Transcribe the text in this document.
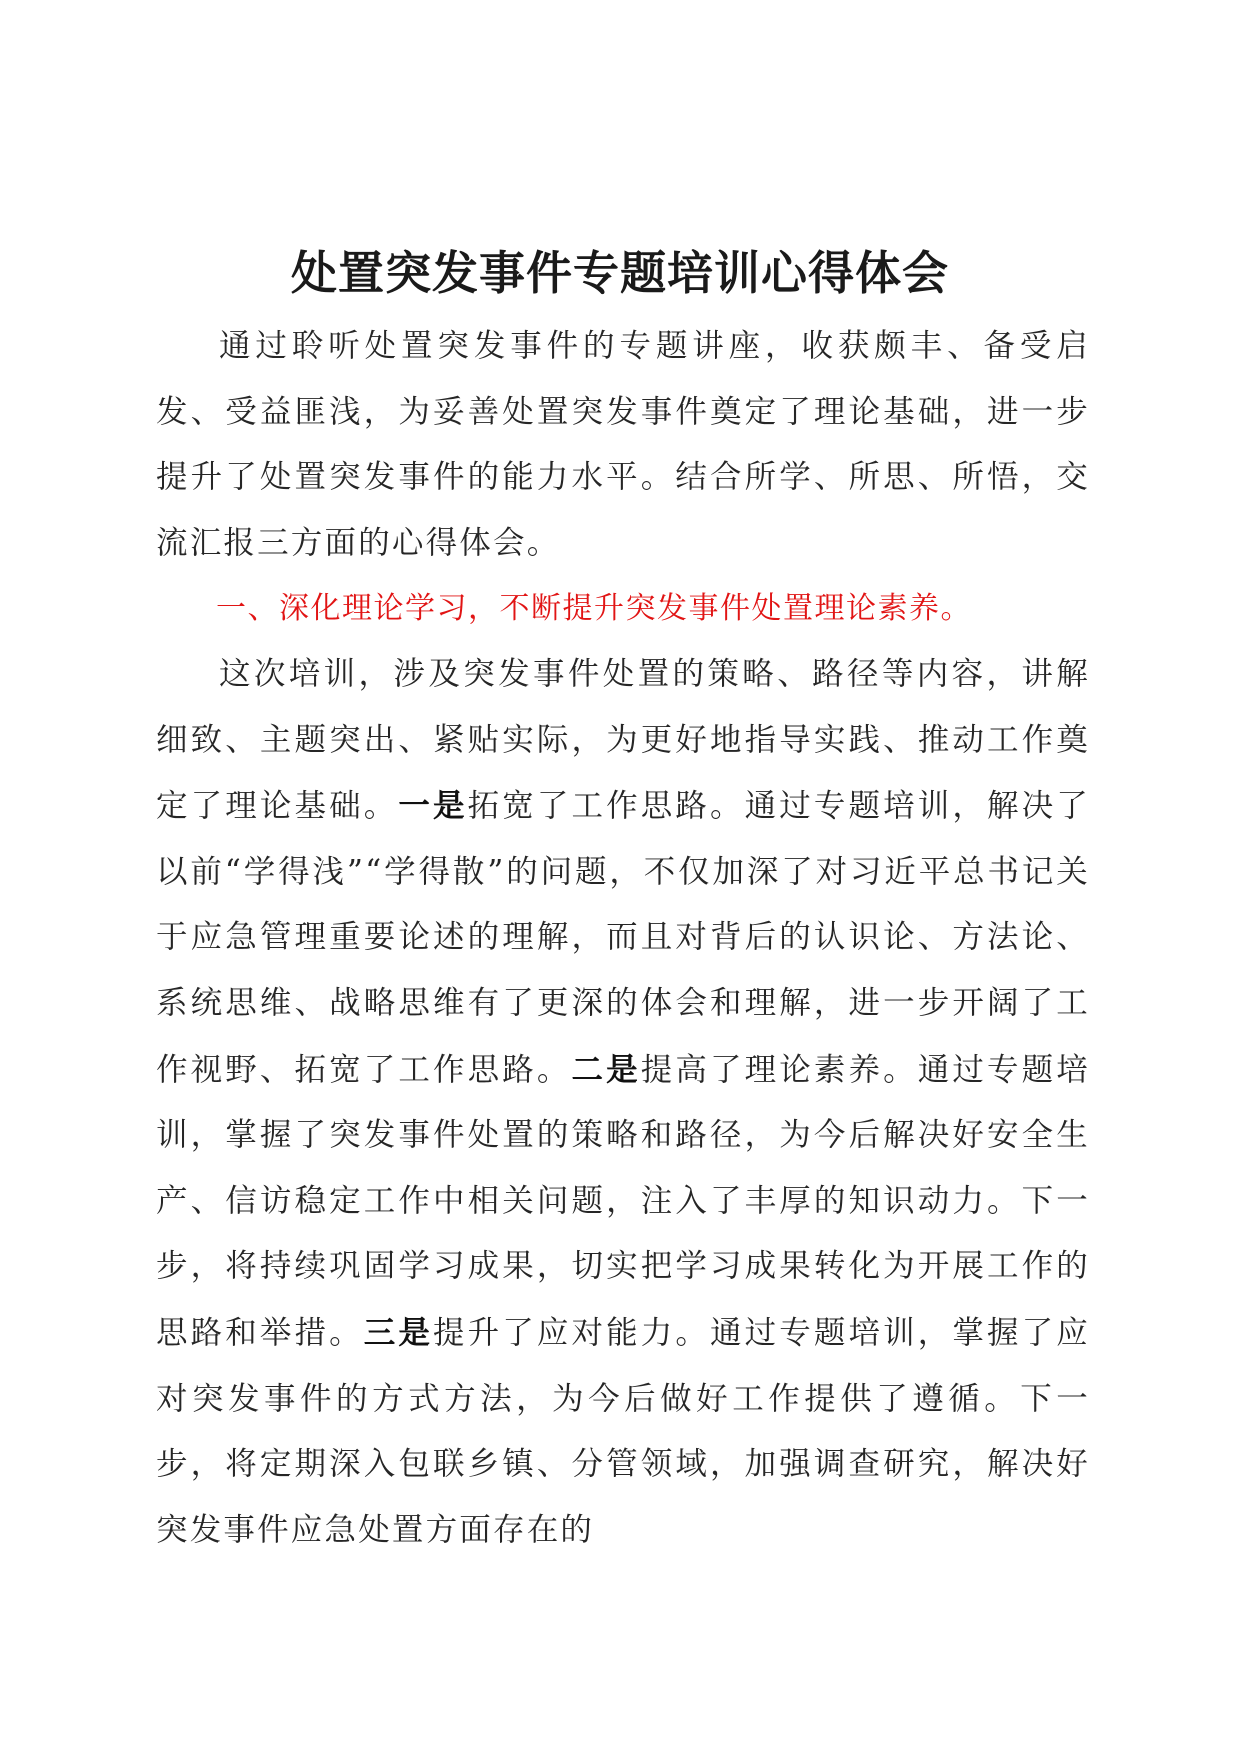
处置突发事件专题培训心得体会

通过聆听处置突发事件的专题讲座，收获颇丰、备受启发、受益匪浅，为妥善处置突发事件奠定了理论基础，进一步提升了处置突发事件的能力水平。结合所学、所思、所悟，交流汇报三方面的心得体会。

一、深化理论学习，不断提升突发事件处置理论素养。

这次培训，涉及突发事件处置的策略、路径等内容，讲解细致、主题突出、紧贴实际，为更好地指导实践、推动工作奠定了理论基础。一是拓宽了工作思路。通过专题培训，解决了以前“学得浅”“学得散”的问题，不仅加深了对习近平总书记关于应急管理重要论述的理解，而且对背后的认识论、方法论、系统思维、战略思维有了更深的体会和理解，进一步开阔了工作视野、拓宽了工作思路。二是提高了理论素养。通过专题培训，掌握了突发事件处置的策略和路径，为今后解决好安全生产、信访稳定工作中相关问题，注入了丰厚的知识动力。下一步，将持续巩固学习成果，切实把学习成果转化为开展工作的思路和举措。三是提升了应对能力。通过专题培训，掌握了应对突发事件的方式方法，为今后做好工作提供了遵循。下一步，将定期深入包联乡镇、分管领域，加强调查研究，解决好突发事件应急处置方面存在的
